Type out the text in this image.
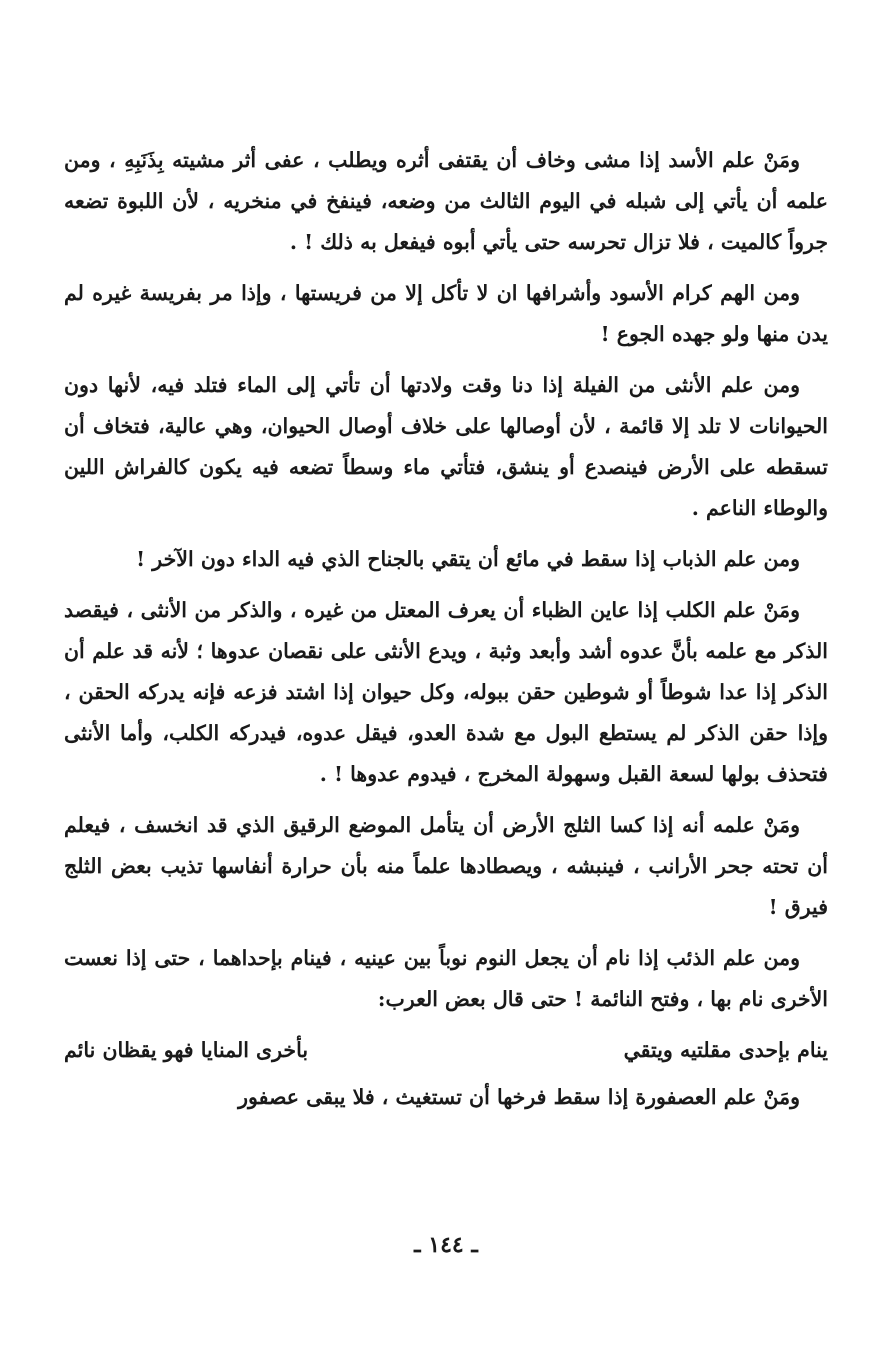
ومَنْ علم الأسد إذا مشى وخاف أن يقتفى أثره ويطلب ، عفى أثر مشيته بِذَنَبِهِ ، ومن علمه أن يأتي إلى شبله في اليوم الثالث من وضعه، فينفخ في منخريه ، لأن اللبوة تضعه جرواً كالميت ، فلا تزال تحرسه حتى يأتي أبوه فيفعل به ذلك ! .

ومن الهم كرام الأسود وأشرافها ان لا تأكل إلا من فريستها ، وإذا مر بفريسة غيره لم يدن منها ولو جهده الجوع !

ومن علم الأنثى من الفيلة إذا دنا وقت ولادتها أن تأتي إلى الماء فتلد فيه، لأنها دون الحيوانات لا تلد إلا قائمة ، لأن أوصالها على خلاف أوصال الحيوان، وهي عالية، فتخاف أن تسقطه على الأرض فينصدع أو ينشق، فتأتي ماء وسطاً تضعه فيه يكون كالفراش اللين والوطاء الناعم .

ومن علم الذباب إذا سقط في مائع أن يتقي بالجناح الذي فيه الداء دون الآخر !

ومَنْ علم الكلب إذا عاين الظباء أن يعرف المعتل من غيره ، والذكر من الأنثى ، فيقصد الذكر مع علمه بأنَّ عدوه أشد وأبعد وثبة ، ويدع الأنثى على نقصان عدوها ؛ لأنه قد علم أن الذكر إذا عدا شوطاً أو شوطين حقن ببوله، وكل حيوان إذا اشتد فزعه فإنه يدركه الحقن ، وإذا حقن الذكر لم يستطع البول مع شدة العدو، فيقل عدوه، فيدركه الكلب، وأما الأنثى فتحذف بولها لسعة القبل وسهولة المخرج ، فيدوم عدوها ! .

ومَنْ علمه أنه إذا كسا الثلج الأرض أن يتأمل الموضع الرقيق الذي قد انخسف ، فيعلم أن تحته جحر الأرانب ، فينبشه ، ويصطادها علماً منه بأن حرارة أنفاسها تذيب بعض الثلج فيرق !

ومن علم الذئب إذا نام أن يجعل النوم نوباً بين عينيه ، فينام بإحداهما ، حتى إذا نعست الأخرى نام بها ، وفتح النائمة ! حتى قال بعض العرب:

ينام بإحدى مقلتيه ويتقي
بأخرى المنايا فهو يقظان نائم

ومَنْ علم العصفورة إذا سقط فرخها أن تستغيث ، فلا يبقى عصفور

ـ ١٤٤ ـ
